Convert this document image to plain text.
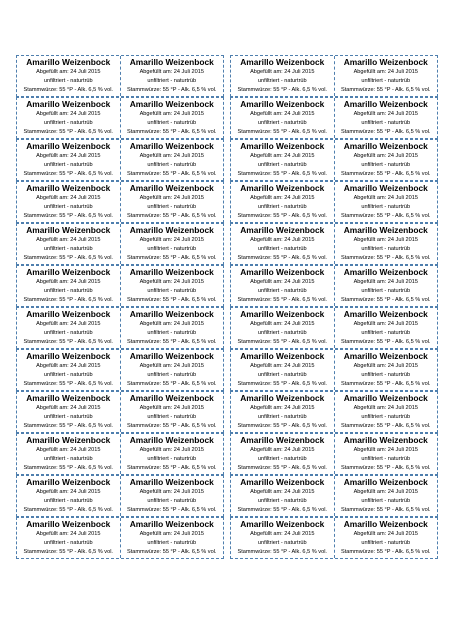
Amarillo Weizenbock
Abgefüllt am: 24 Juli 2015
unfiltriert - naturtrüb
Stammwürze: 55 °P - Alk. 6,5 % vol.
Amarillo Weizenbock
Abgefüllt am: 24 Juli 2015
unfiltriert - naturtrüb
Stammwürze: 55 °P - Alk. 6,5 % vol.
Amarillo Weizenbock
Abgefüllt am: 24 Juli 2015
unfiltriert - naturtrüb
Stammwürze: 55 °P - Alk. 6,5 % vol.
Amarillo Weizenbock
Abgefüllt am: 24 Juli 2015
unfiltriert - naturtrüb
Stammwürze: 55 °P - Alk. 6,5 % vol.
Amarillo Weizenbock
Abgefüllt am: 24 Juli 2015
unfiltriert - naturtrüb
Stammwürze: 55 °P - Alk. 6,5 % vol.
Amarillo Weizenbock
Abgefüllt am: 24 Juli 2015
unfiltriert - naturtrüb
Stammwürze: 55 °P - Alk. 6,5 % vol.
Amarillo Weizenbock
Abgefüllt am: 24 Juli 2015
unfiltriert - naturtrüb
Stammwürze: 55 °P - Alk. 6,5 % vol.
Amarillo Weizenbock
Abgefüllt am: 24 Juli 2015
unfiltriert - naturtrüb
Stammwürze: 55 °P - Alk. 6,5 % vol.
Amarillo Weizenbock
Abgefüllt am: 24 Juli 2015
unfiltriert - naturtrüb
Stammwürze: 55 °P - Alk. 6,5 % vol.
Amarillo Weizenbock
Abgefüllt am: 24 Juli 2015
unfiltriert - naturtrüb
Stammwürze: 55 °P - Alk. 6,5 % vol.
Amarillo Weizenbock
Abgefüllt am: 24 Juli 2015
unfiltriert - naturtrüb
Stammwürze: 55 °P - Alk. 6,5 % vol.
Amarillo Weizenbock
Abgefüllt am: 24 Juli 2015
unfiltriert - naturtrüb
Stammwürze: 55 °P - Alk. 6,5 % vol.
Amarillo Weizenbock
Abgefüllt am: 24 Juli 2015
unfiltriert - naturtrüb
Stammwürze: 55 °P - Alk. 6,5 % vol.
Amarillo Weizenbock
Abgefüllt am: 24 Juli 2015
unfiltriert - naturtrüb
Stammwürze: 55 °P - Alk. 6,5 % vol.
Amarillo Weizenbock
Abgefüllt am: 24 Juli 2015
unfiltriert - naturtrüb
Stammwürze: 55 °P - Alk. 6,5 % vol.
Amarillo Weizenbock
Abgefüllt am: 24 Juli 2015
unfiltriert - naturtrüb
Stammwürze: 55 °P - Alk. 6,5 % vol.
Amarillo Weizenbock
Abgefüllt am: 24 Juli 2015
unfiltriert - naturtrüb
Stammwürze: 55 °P - Alk. 6,5 % vol.
Amarillo Weizenbock
Abgefüllt am: 24 Juli 2015
unfiltriert - naturtrüb
Stammwürze: 55 °P - Alk. 6,5 % vol.
Amarillo Weizenbock
Abgefüllt am: 24 Juli 2015
unfiltriert - naturtrüb
Stammwürze: 55 °P - Alk. 6,5 % vol.
Amarillo Weizenbock
Abgefüllt am: 24 Juli 2015
unfiltriert - naturtrüb
Stammwürze: 55 °P - Alk. 6,5 % vol.
Amarillo Weizenbock
Abgefüllt am: 24 Juli 2015
unfiltriert - naturtrüb
Stammwürze: 55 °P - Alk. 6,5 % vol.
Amarillo Weizenbock
Abgefüllt am: 24 Juli 2015
unfiltriert - naturtrüb
Stammwürze: 55 °P - Alk. 6,5 % vol.
Amarillo Weizenbock
Abgefüllt am: 24 Juli 2015
unfiltriert - naturtrüb
Stammwürze: 55 °P - Alk. 6,5 % vol.
Amarillo Weizenbock
Abgefüllt am: 24 Juli 2015
unfiltriert - naturtrüb
Stammwürze: 55 °P - Alk. 6,5 % vol.
Amarillo Weizenbock
Abgefüllt am: 24 Juli 2015
unfiltriert - naturtrüb
Stammwürze: 55 °P - Alk. 6,5 % vol.
Amarillo Weizenbock
Abgefüllt am: 24 Juli 2015
unfiltriert - naturtrüb
Stammwürze: 55 °P - Alk. 6,5 % vol.
Amarillo Weizenbock
Abgefüllt am: 24 Juli 2015
unfiltriert - naturtrüb
Stammwürze: 55 °P - Alk. 6,5 % vol.
Amarillo Weizenbock
Abgefüllt am: 24 Juli 2015
unfiltriert - naturtrüb
Stammwürze: 55 °P - Alk. 6,5 % vol.
Amarillo Weizenbock
Abgefüllt am: 24 Juli 2015
unfiltriert - naturtrüb
Stammwürze: 55 °P - Alk. 6,5 % vol.
Amarillo Weizenbock
Abgefüllt am: 24 Juli 2015
unfiltriert - naturtrüb
Stammwürze: 55 °P - Alk. 6,5 % vol.
Amarillo Weizenbock
Abgefüllt am: 24 Juli 2015
unfiltriert - naturtrüb
Stammwürze: 55 °P - Alk. 6,5 % vol.
Amarillo Weizenbock
Abgefüllt am: 24 Juli 2015
unfiltriert - naturtrüb
Stammwürze: 55 °P - Alk. 6,5 % vol.
Amarillo Weizenbock
Abgefüllt am: 24 Juli 2015
unfiltriert - naturtrüb
Stammwürze: 55 °P - Alk. 6,5 % vol.
Amarillo Weizenbock
Abgefüllt am: 24 Juli 2015
unfiltriert - naturtrüb
Stammwürze: 55 °P - Alk. 6,5 % vol.
Amarillo Weizenbock
Abgefüllt am: 24 Juli 2015
unfiltriert - naturtrüb
Stammwürze: 55 °P - Alk. 6,5 % vol.
Amarillo Weizenbock
Abgefüllt am: 24 Juli 2015
unfiltriert - naturtrüb
Stammwürze: 55 °P - Alk. 6,5 % vol.
Amarillo Weizenbock
Abgefüllt am: 24 Juli 2015
unfiltriert - naturtrüb
Stammwürze: 55 °P - Alk. 6,5 % vol.
Amarillo Weizenbock
Abgefüllt am: 24 Juli 2015
unfiltriert - naturtrüb
Stammwürze: 55 °P - Alk. 6,5 % vol.
Amarillo Weizenbock
Abgefüllt am: 24 Juli 2015
unfiltriert - naturtrüb
Stammwürze: 55 °P - Alk. 6,5 % vol.
Amarillo Weizenbock
Abgefüllt am: 24 Juli 2015
unfiltriert - naturtrüb
Stammwürze: 55 °P - Alk. 6,5 % vol.
Amarillo Weizenbock
Abgefüllt am: 24 Juli 2015
unfiltriert - naturtrüb
Stammwürze: 55 °P - Alk. 6,5 % vol.
Amarillo Weizenbock
Abgefüllt am: 24 Juli 2015
unfiltriert - naturtrüb
Stammwürze: 55 °P - Alk. 6,5 % vol.
Amarillo Weizenbock
Abgefüllt am: 24 Juli 2015
unfiltriert - naturtrüb
Stammwürze: 55 °P - Alk. 6,5 % vol.
Amarillo Weizenbock
Abgefüllt am: 24 Juli 2015
unfiltriert - naturtrüb
Stammwürze: 55 °P - Alk. 6,5 % vol.
Amarillo Weizenbock
Abgefüllt am: 24 Juli 2015
unfiltriert - naturtrüb
Stammwürze: 55 °P - Alk. 6,5 % vol.
Amarillo Weizenbock
Abgefüllt am: 24 Juli 2015
unfiltriert - naturtrüb
Stammwürze: 55 °P - Alk. 6,5 % vol.
Amarillo Weizenbock
Abgefüllt am: 24 Juli 2015
unfiltriert - naturtrüb
Stammwürze: 55 °P - Alk. 6,5 % vol.
Amarillo Weizenbock
Abgefüllt am: 24 Juli 2015
unfiltriert - naturtrüb
Stammwürze: 55 °P - Alk. 6,5 % vol.
